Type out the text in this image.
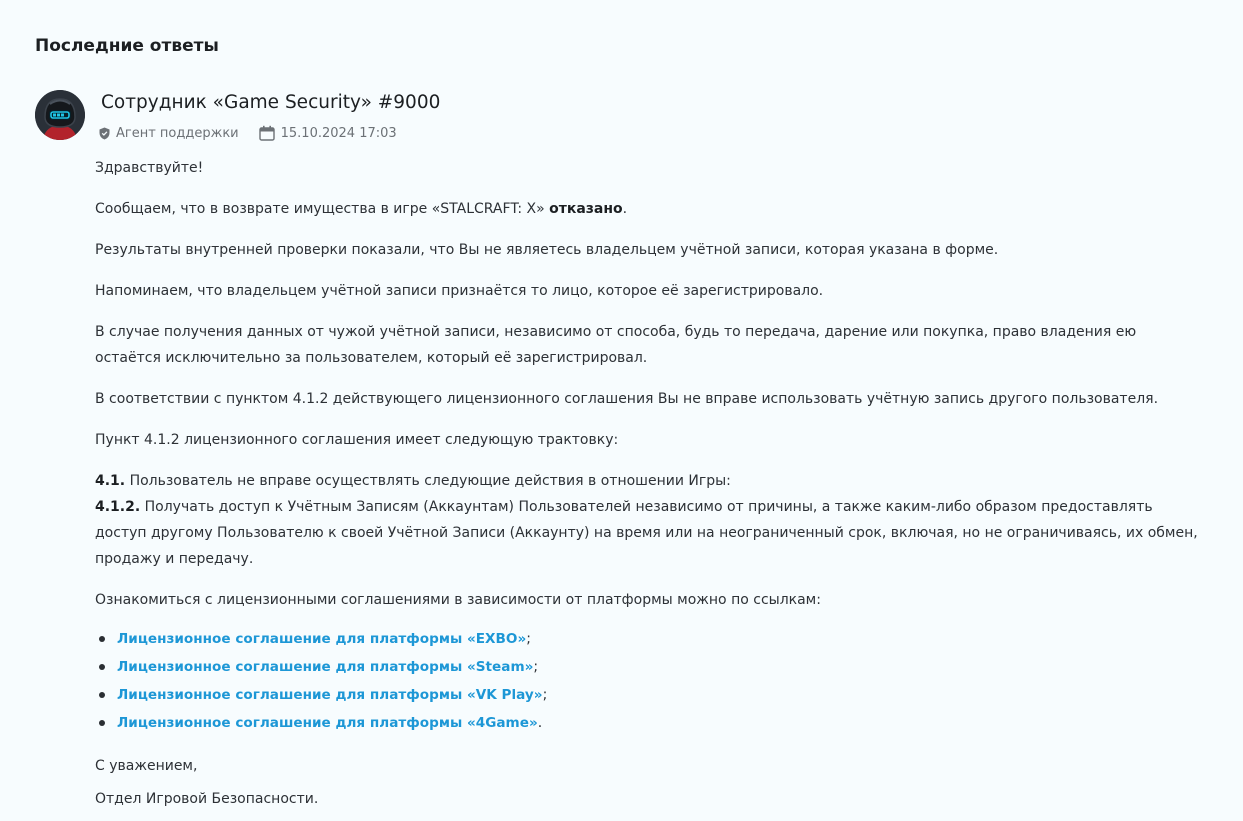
Последние ответы
Сотрудник «Game Security» #9000
Агент поддержки	15.10.2024 17:03

Здравствуйте!

Сообщаем, что в возврате имущества в игре «STALCRAFT: X» отказано.

Результаты внутренней проверки показали, что Вы не являетесь владельцем учётной записи, которая указана в форме.

Напоминаем, что владельцем учётной записи признаётся то лицо, которое её зарегистрировало.

В случае получения данных от чужой учётной записи, независимо от способа, будь то передача, дарение или покупка, право владения ею остаётся исключительно за пользователем, который её зарегистрировал.

В соответствии с пунктом 4.1.2 действующего лицензионного соглашения Вы не вправе использовать учётную запись другого пользователя.

Пункт 4.1.2 лицензионного соглашения имеет следующую трактовку:

4.1. Пользователь не вправе осуществлять следующие действия в отношении Игры:
4.1.2. Получать доступ к Учётным Записям (Аккаунтам) Пользователей независимо от причины, а также каким-либо образом предоставлять доступ другому Пользователю к своей Учётной Записи (Аккаунту) на время или на неограниченный срок, включая, но не ограничиваясь, их обмен, продажу и передачу.

Ознакомиться с лицензионными соглашениями в зависимости от платформы можно по ссылкам:

Лицензионное соглашение для платформы «EXBO»;
Лицензионное соглашение для платформы «Steam»;
Лицензионное соглашение для платформы «VK Play»;
Лицензионное соглашение для платформы «4Game».

С уважением,

Отдел Игровой Безопасности.
